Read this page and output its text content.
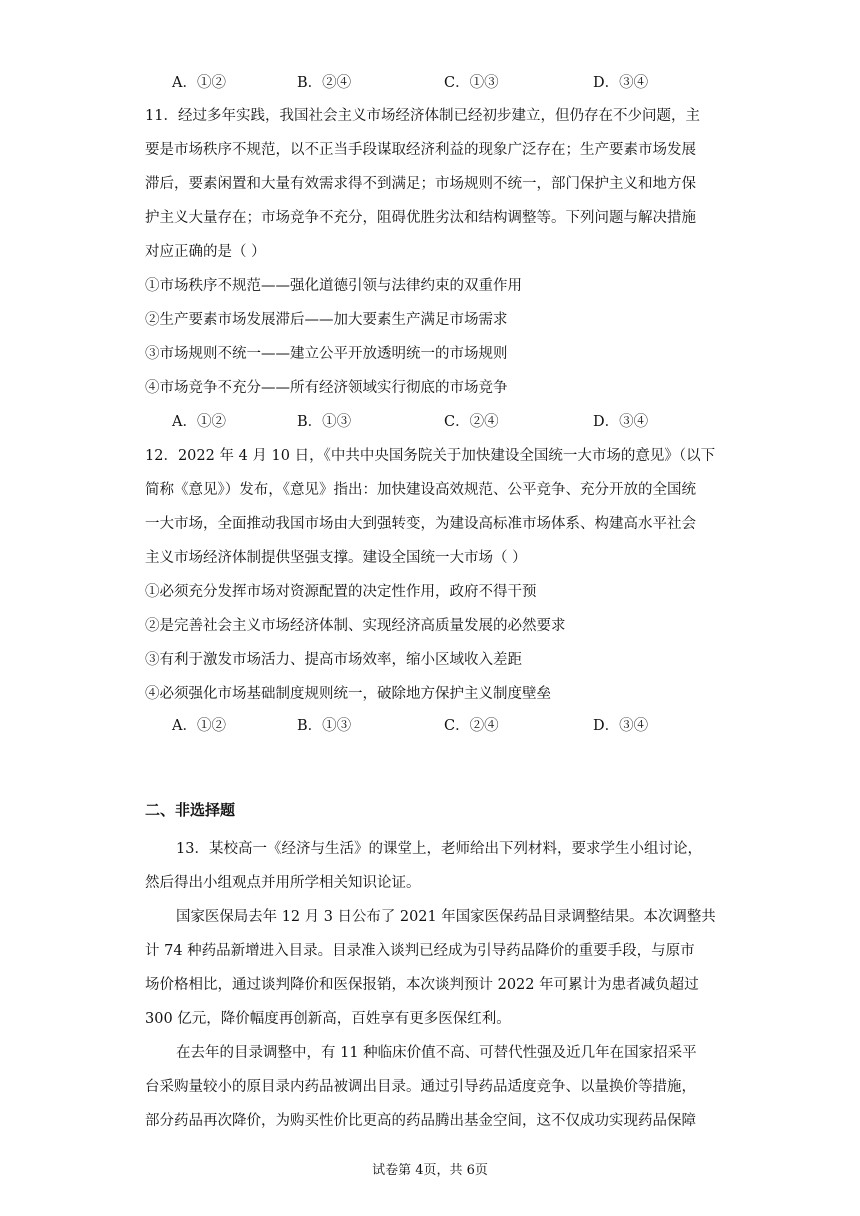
A．①②	B．②④	C．①③	D．③④
11．经过多年实践，我国社会主义市场经济体制已经初步建立，但仍存在不少问题，主
要是市场秩序不规范，以不正当手段谋取经济利益的现象广泛存在；生产要素市场发展
滞后，要素闲置和大量有效需求得不到满足；市场规则不统一，部门保护主义和地方保
护主义大量存在；市场竞争不充分，阻碍优胜劣汰和结构调整等。下列问题与解决措施
对应正确的是（ ）
①市场秩序不规范——强化道德引领与法律约束的双重作用
②生产要素市场发展滞后——加大要素生产满足市场需求
③市场规则不统一——建立公平开放透明统一的市场规则
④市场竞争不充分——所有经济领域实行彻底的市场竞争
A．①②	B．①③	C．②④	D．③④
12．2022 年 4 月 10 日，《中共中央国务院关于加快建设全国统一大市场的意见》（以下
简称《意见》）发布，《意见》指出：加快建设高效规范、公平竞争、充分开放的全国统
一大市场，全面推动我国市场由大到强转变，为建设高标准市场体系、构建高水平社会
主义市场经济体制提供坚强支撑。建设全国统一大市场（ ）
①必须充分发挥市场对资源配置的决定性作用，政府不得干预
②是完善社会主义市场经济体制、实现经济高质量发展的必然要求
③有利于激发市场活力、提高市场效率，缩小区域收入差距
④必须强化市场基础制度规则统一，破除地方保护主义制度壁垒
A．①②	B．①③	C．②④	D．③④
二、非选择题
13．某校高一《经济与生活》的课堂上，老师给出下列材料，要求学生小组讨论，
然后得出小组观点并用所学相关知识论证。
国家医保局去年 12 月 3 日公布了 2021 年国家医保药品目录调整结果。本次调整共
计 74 种药品新增进入目录。目录准入谈判已经成为引导药品降价的重要手段，与原市
场价格相比，通过谈判降价和医保报销，本次谈判预计 2022 年可累计为患者减负超过
300 亿元，降价幅度再创新高，百姓享有更多医保红利。
在去年的目录调整中，有 11 种临床价值不高、可替代性强及近几年在国家招采平
台采购量较小的原目录内药品被调出目录。通过引导药品适度竞争、以量换价等措施，
部分药品再次降价，为购买性价比更高的药品腾出基金空间，这不仅成功实现药品保障
试卷第 4页，共 6页
